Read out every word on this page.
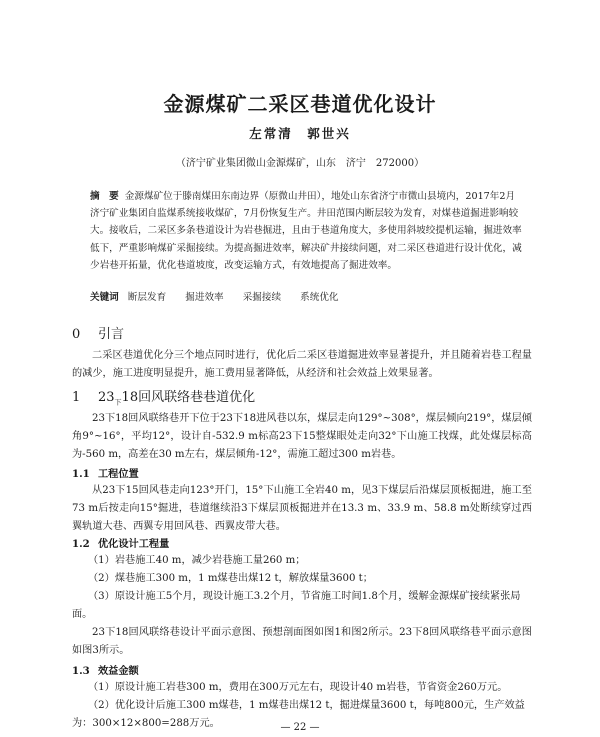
金源煤矿二采区巷道优化设计
左常清　郭世兴
（济宁矿业集团微山金源煤矿，山东　济宁　272000）
摘　要 金源煤矿位于滕南煤田东南边界（原微山井田），地处山东省济宁市微山县境内，2017年2月济宁矿业集团自监煤系统接收煤矿，7月份恢复生产。井田范围内断层较为发育，对煤巷道掘进影响较大。接收后，二采区多条巷道设计为岩巷掘进，且由于巷道角度大，多使用斜坡绞提机运输，掘进效率低下，严重影响煤矿采掘接续。为提高掘进效率，解决矿井接续问题，对二采区巷道进行设计优化，减少岩巷开拓量，优化巷道坡度，改变运输方式，有效地提高了掘进效率。
关键词 断层发育 掘进效率 采掘接续 系统优化
0 引言

二采区巷道优化分三个地点同时进行，优化后二采区巷道掘进效率显著提升，并且随着岩巷工程量的减少，施工进度明显提升，施工费用显著降低，从经济和社会效益上效果显著。

1 $23_下18$回风联络巷巷道优化

23下18回风联络巷开下位于23下18进风巷以东，煤层走向129°~308°，煤层倾向219°，煤层倾角9°~16°，平均12°，设计自-532.9 m标高23下15整煤眼处走向32°下山施工找煤，此处煤层标高为-560 m，高差在30 m左右，煤层倾角-12°，需施工超过300 m岩巷。

1.1 工程位置

从23下15回风巷走向123°开门，15°下山施工全岩40 m，见3下煤层后沿煤层顶板掘进，施工至73 m后按走向15°掘进，巷道继续沿3下煤层顶板掘进并在13.3 m、33.9 m、58.8 m处断续穿过西翼轨道大巷、西翼专用回风巷、西翼皮带大巷。

1.2 优化设计工程量
（1）岩巷施工40 m，减少岩巷施工量260 m；
（2）煤巷施工300 m，1 m煤巷出煤12 t，解放煤量3600 t；
（3）原设计施工5个月，现设计施工3.2个月，节省施工时间1.8个月，缓解金源煤矿接续紧张局面。

23下18回风联络巷设计平面示意图、预想剖面图如图1和图2所示。23下8回风联络巷平面示意图如图3所示。

1.3 效益金额
（1）原设计施工岩巷300 m，费用在300万元左右，现设计40 m岩巷，节省资金260万元。
（2）优化设计后施工300 m煤巷，1 m煤巷出煤12 t，掘进煤量3600 t，每吨800元，生产效益为：300×12×800=288万元。	— 22 —
